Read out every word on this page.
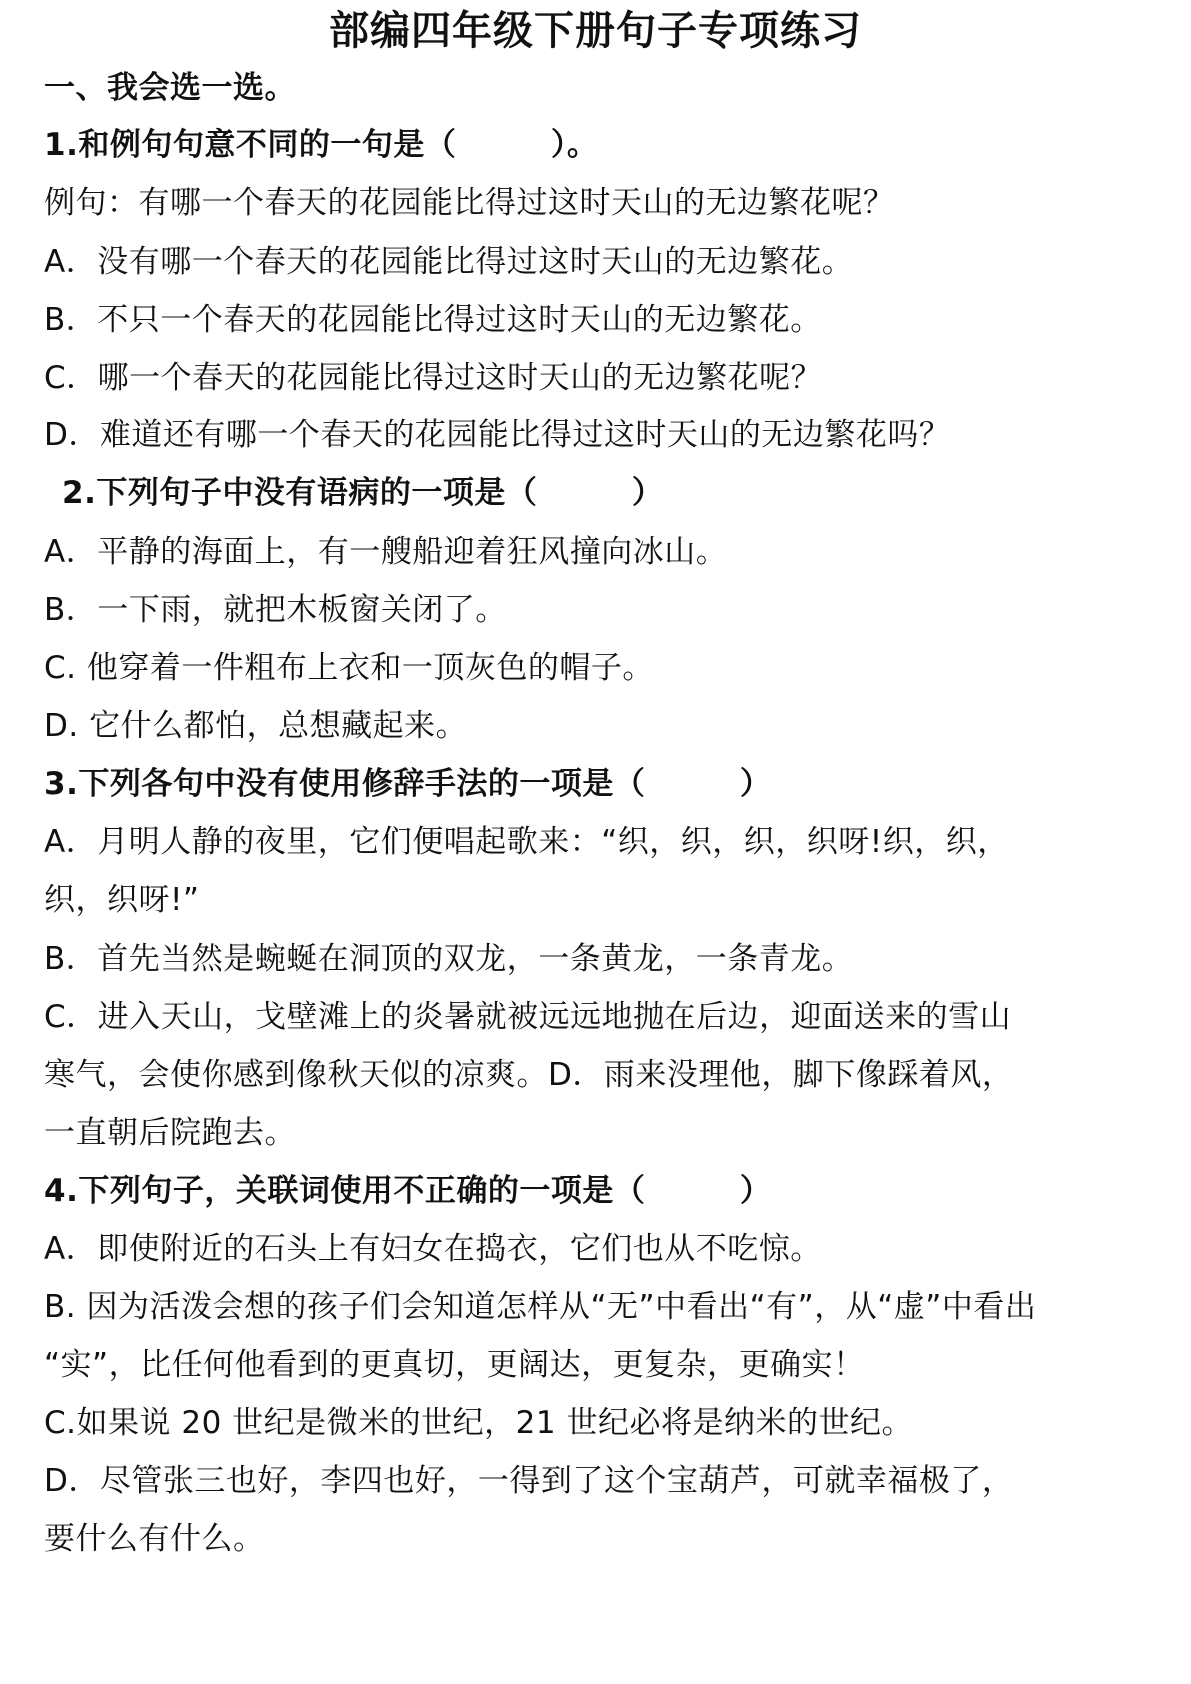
部编四年级下册句子专项练习
一、我会选一选。
1.和例句句意不同的一句是（　　　）。
例句：有哪一个春天的花园能比得过这时天山的无边繁花呢？
A．没有哪一个春天的花园能比得过这时天山的无边繁花。
B．不只一个春天的花园能比得过这时天山的无边繁花。
C．哪一个春天的花园能比得过这时天山的无边繁花呢？
D．难道还有哪一个春天的花园能比得过这时天山的无边繁花吗？
2.下列句子中没有语病的一项是（　　　）
A．平静的海面上，有一艘船迎着狂风撞向冰山。
B．一下雨，就把木板窗关闭了。
C. 他穿着一件粗布上衣和一顶灰色的帽子。
D. 它什么都怕，总想藏起来。
3.下列各句中没有使用修辞手法的一项是（　　　）
A．月明人静的夜里，它们便唱起歌来：“织，织，织，织呀!织，织，
织，织呀!”
B．首先当然是蜿蜒在洞顶的双龙，一条黄龙，一条青龙。
C．进入天山，戈壁滩上的炎暑就被远远地抛在后边，迎面送来的雪山
寒气，会使你感到像秋天似的凉爽。D．雨来没理他，脚下像踩着风，
一直朝后院跑去。
4.下列句子，关联词使用不正确的一项是（　　　）
A．即使附近的石头上有妇女在捣衣，它们也从不吃惊。
B. 因为活泼会想的孩子们会知道怎样从“无”中看出“有”，从“虚”中看出
“实”，比任何他看到的更真切，更阔达，更复杂，更确实！
C.如果说 20 世纪是微米的世纪，21 世纪必将是纳米的世纪。
D．尽管张三也好，李四也好，一得到了这个宝葫芦，可就幸福极了，
要什么有什么。
